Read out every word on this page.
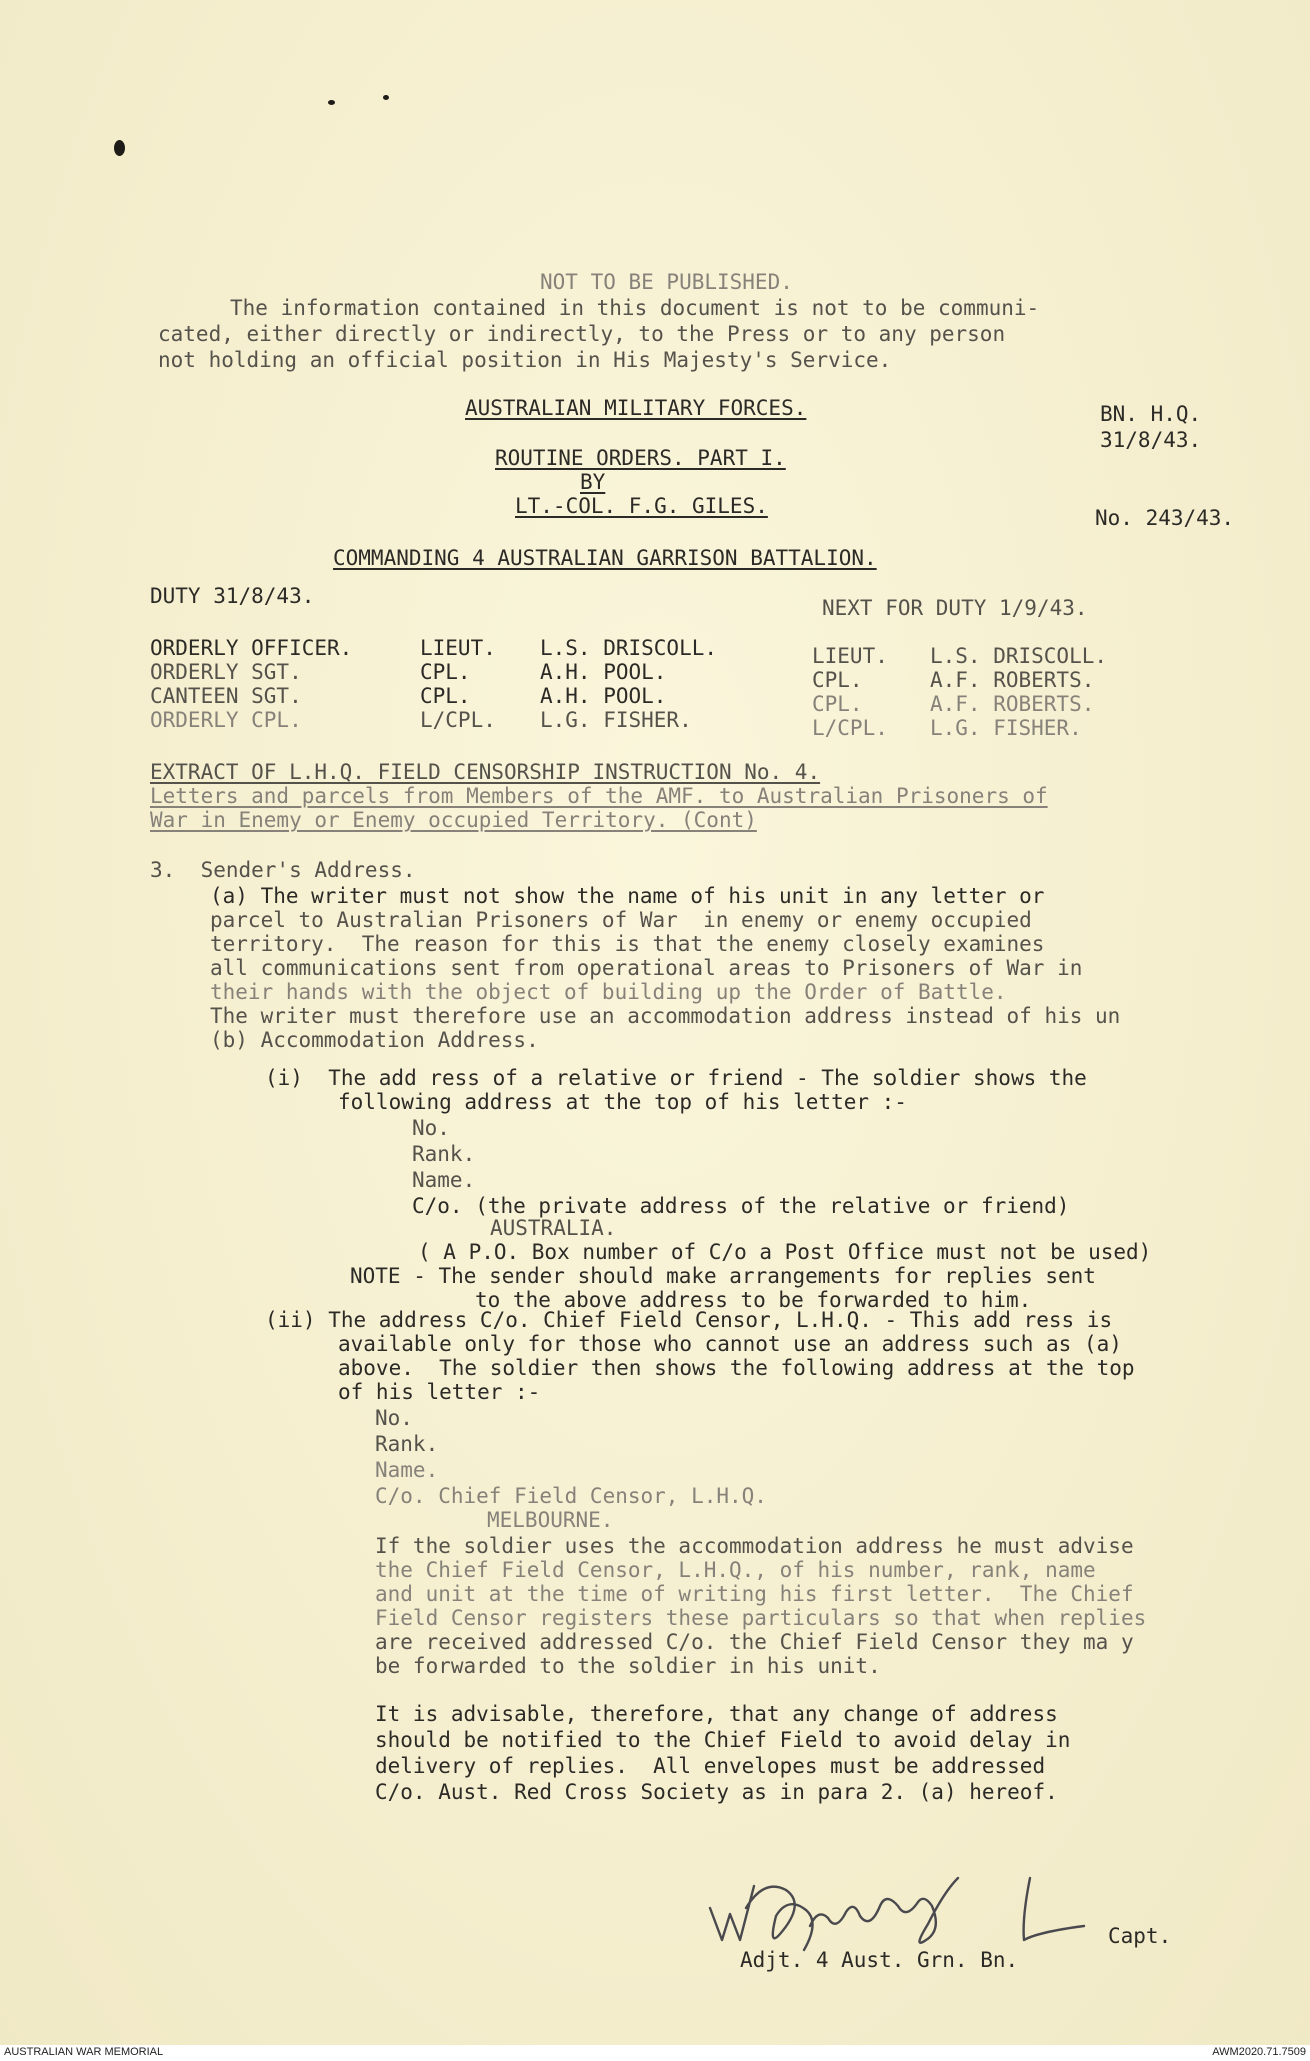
NOT TO BE PUBLISHED.
The information contained in this document is not to be communi-
cated, either directly or indirectly, to the Press or to any person
not holding an official position in His Majesty's Service.
AUSTRALIAN MILITARY FORCES.	BN. H.Q.
31/8/43.
ROUTINE ORDERS. PART I.
BY
LT.-COL. F.G. GILES.	No. 243/43.
COMMANDING 4 AUSTRALIAN GARRISON BATTALION.
DUTY 31/8/43.	NEXT FOR DUTY 1/9/43.
ORDERLY OFFICER.	LIEUT. L.S. DRISCOLL.	LIEUT. L.S. DRISCOLL.
ORDERLY SGT.	CPL.	A.H. POOL.	CPL.	A.F. ROBERTS.
CANTEEN SGT.	CPL.	A.H. POOL.	CPL.	A.F. ROBERTS.
ORDERLY CPL.	L/CPL. L.G. FISHER.	L/CPL. L.G. FISHER.
EXTRACT OF L.H.Q. FIELD CENSORSHIP INSTRUCTION No. 4.
Letters and parcels from Members of the AMF. to Australian Prisoners of
War in Enemy or Enemy occupied Territory. (Cont)
3.  Sender's Address.
(a) The writer must not show the name of his unit in any letter or
parcel to Australian Prisoners of War  in enemy or enemy occupied
territory.  The reason for this is that the enemy closely examines
all communications sent from operational areas to Prisoners of War in
their hands with the object of building up the Order of Battle.
The writer must therefore use an accommodation address instead of his un
(b) Accommodation Address.
(i)  The add ress of a relative or friend - The soldier shows the
following address at the top of his letter :-
No.
Rank.
Name.
C/o. (the private address of the relative or friend)
AUSTRALIA.
( A P.O. Box number of C/o a Post Office must not be used)
NOTE - The sender should make arrangements for replies sent
to the above address to be forwarded to him.
(ii) The address C/o. Chief Field Censor, L.H.Q. - This add ress is
available only for those who cannot use an address such as (a)
above.  The soldier then shows the following address at the top
of his letter :-
No.
Rank.
Name.
C/o. Chief Field Censor, L.H.Q.
MELBOURNE.
If the soldier uses the accommodation address he must advise
the Chief Field Censor, L.H.Q., of his number, rank, name
and unit at the time of writing his first letter.  The Chief
Field Censor registers these particulars so that when replies
are received addressed C/o. the Chief Field Censor they ma y
be forwarded to the soldier in his unit.
It is advisable, therefore, that any change of address
should be notified to the Chief Field to avoid delay in
delivery of replies.  All envelopes must be addressed
C/o. Aust. Red Cross Society as in para 2. (a) hereof.
Capt.
Adjt. 4 Aust. Grn. Bn.
AUSTRALIAN WAR MEMORIAL	AWM2020.71.7509
